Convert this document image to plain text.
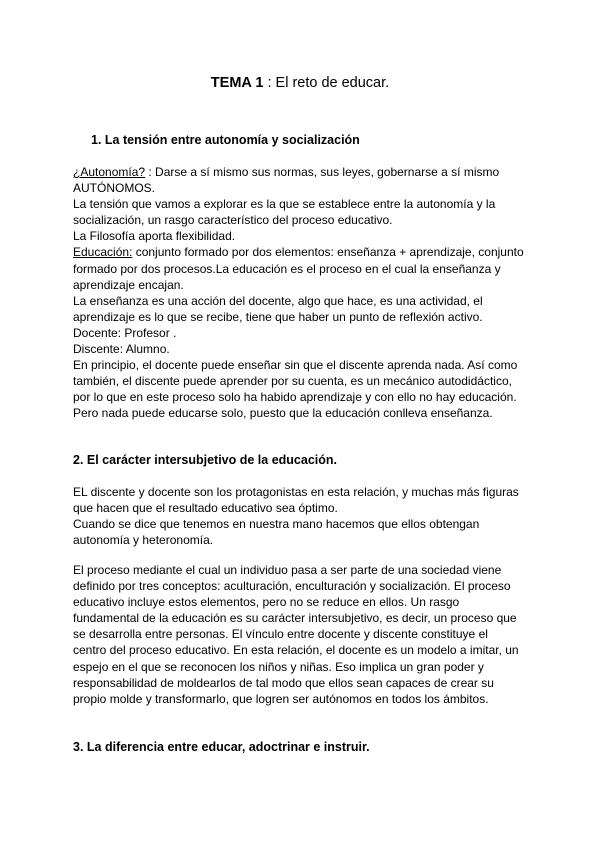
TEMA 1 : El reto de educar.
1. La tensión entre autonomía y socialización
¿Autonomía? : Darse a sí mismo sus normas, sus leyes, gobernarse a sí mismo
AUTÓNOMOS.
La tensión que vamos a explorar es la que se establece entre la autonomía y la
socialización, un rasgo característico del proceso educativo.
La Filosofía aporta flexibilidad.
Educación: conjunto formado por dos elementos: enseñanza + aprendizaje, conjunto
formado por dos procesos.La educación es el proceso en el cual la enseñanza y
aprendizaje encajan.
La enseñanza es una acción del docente, algo que hace, es una actividad, el
aprendizaje es lo que se recibe, tiene que haber un punto de reflexión activo.
Docente: Profesor .
Discente: Alumno.
En principio, el docente puede enseñar sin que el discente aprenda nada. Así como
también, el discente puede aprender por su cuenta, es un mecánico autodidáctico,
por lo que en este proceso solo ha habido aprendizaje y con ello no hay educación.
Pero nada puede educarse solo, puesto que la educación conlleva enseñanza.
2. El carácter intersubjetivo de la educación.
EL discente y docente son los protagonistas en esta relación, y muchas más figuras
que hacen que el resultado educativo sea óptimo.
Cuando se dice que tenemos en nuestra mano hacemos que ellos obtengan
autonomía y heteronomía.
El proceso mediante el cual un individuo pasa a ser parte de una sociedad viene
definido por tres conceptos: aculturación, enculturación y socialización. El proceso
educativo incluye estos elementos, pero no se reduce en ellos. Un rasgo
fundamental de la educación es su carácter intersubjetivo, es decir, un proceso que
se desarrolla entre personas. El vínculo entre docente y discente constituye el
centro del proceso educativo. En esta relación, el docente es un modelo a imitar, un
espejo en el que se reconocen los niños y niñas. Eso implica un gran poder y
responsabilidad de moldearlos de tal modo que ellos sean capaces de crear su
propio molde y transformarlo, que logren ser autónomos en todos los ámbitos.
3. La diferencia entre educar, adoctrinar e instruir.
